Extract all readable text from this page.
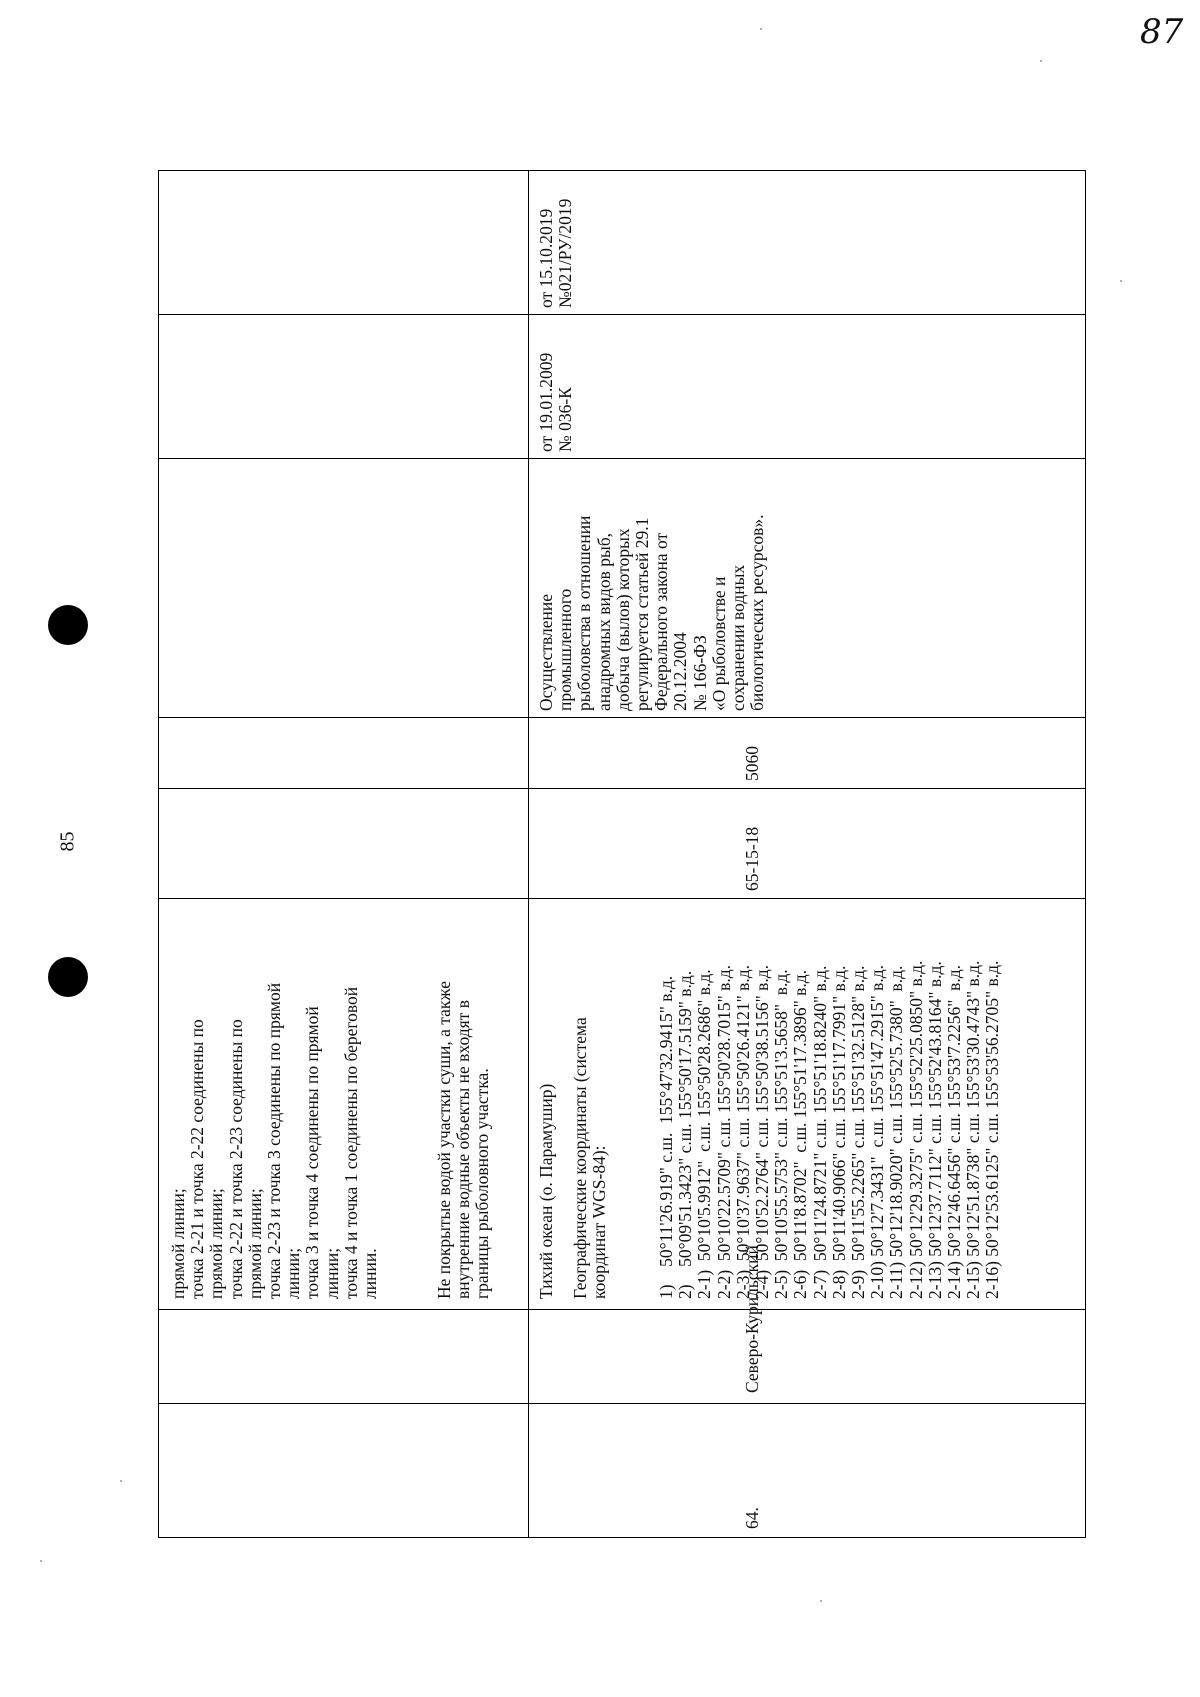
87
85
прямой линии; точка 2-21 и точка 2-22 соединены по прямой линии; точка 2-22 и точка 2-23 соединены по прямой линии; точка 2-23 и точка 3 соединены по прямой линии; точка 3 и точка 4 соединены по прямой линии; точка 4 и точка 1 соединены по береговой линии.	Не покрытые водой участки суши, а также внутренние водные объекты не входят в границы рыболовного участка.
64.
Северо-Курильский
Тихий океан (о. Парамушир) Географические координаты (система координат WGS-84):	1)    50°11'26.919" с.ш.  155°47'32.9415" в.д. 2)    50°09'51.3423" с.ш. 155°50'17.5159" в.д. 2-1)  50°10'5.9912"  с.ш. 155°50'28.2686" в.д. 2-2)  50°10'22.5709" с.ш. 155°50'28.7015" в.д. 2-3)  50°10'37.9637" с.ш. 155°50'26.4121" в.д. 2-4)  50°10'52.2764" с.ш. 155°50'38.5156" в.д. 2-5)  50°10'55.5753" с.ш. 155°51'3.5658"  в.д. 2-6)  50°11'8.8702"  с.ш. 155°51'17.3896" в.д. 2-7)  50°11'24.8721" с.ш. 155°51'18.8240" в.д. 2-8)  50°11'40.9066" с.ш. 155°51'17.7991" в.д. 2-9)  50°11'55.2265" с.ш. 155°51'32.5128" в.д. 2-10) 50°12'7.3431"  с.ш. 155°51'47.2915" в.д. 2-11) 50°12'18.9020" с.ш. 155°52'5.7380"  в.д. 2-12) 50°12'29.3275" с.ш. 155°52'25.0850" в.д. 2-13) 50°12'37.7112" с.ш. 155°52'43.8164" в.д. 2-14) 50°12'46.6456" с.ш. 155°53'7.2256"  в.д. 2-15) 50°12'51.8738" с.ш. 155°53'30.4743" в.д. 2-16) 50°12'53.6125" с.ш. 155°53'56.2705" в.д.
65-15-18
5060
Осуществление промышленного рыболовства в отношении анадромных видов рыб, добыча (вылов) которых регулируется статьей 29.1 Федерального закона от 20.12.2004 № 166-ФЗ «О рыболовстве и сохранении водных биологических ресурсов».
от 19.01.2009 № 036-К
от 15.10.2019 №021/РУ/2019
